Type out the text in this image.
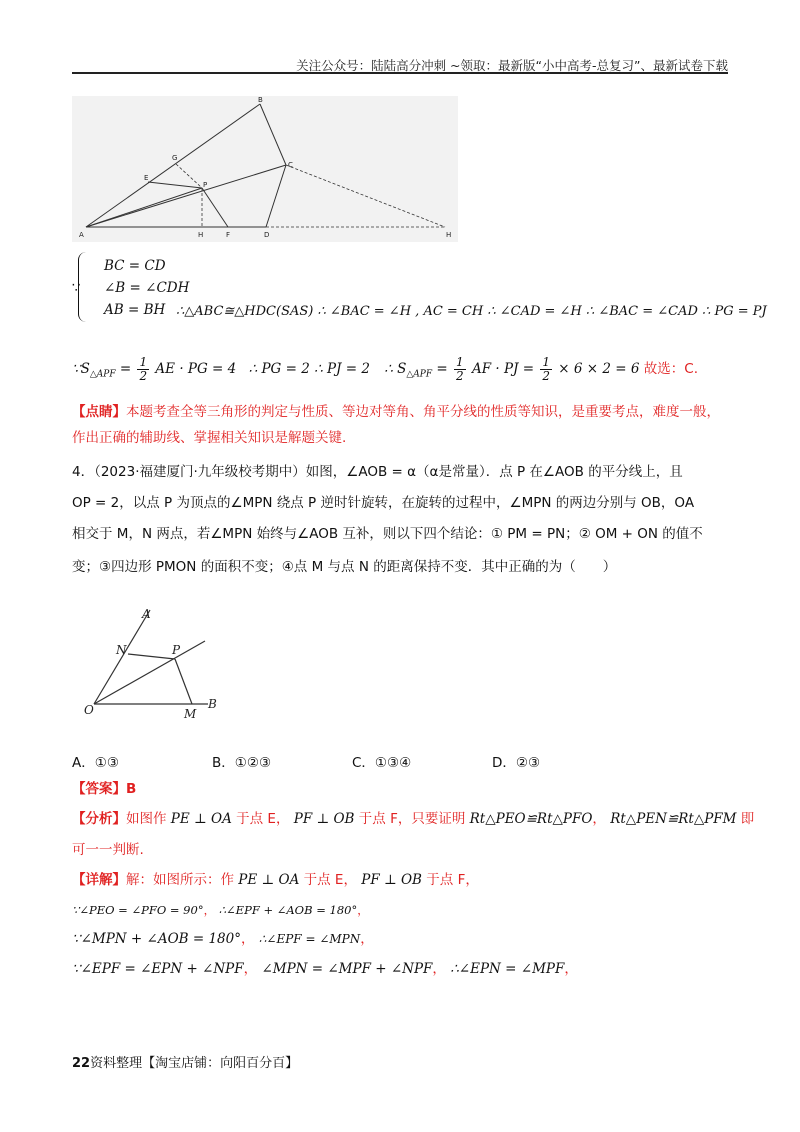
关注公众号：陆陆高分冲刺 ~领取：最新版“小中高考-总复习”、最新试卷下载
A
B
C
D
E
F
G
H	H
P
∵
BC = CD
∠B = ∠CDH
AB = BH ∴△ABC≅△HDC(SAS) ∴ ∠BAC = ∠H , AC = CH ∴ ∠CAD = ∠H ∴ ∠BAC = ∠CAD ∴ PG = PJ
$\because S_{\triangle APF} = \frac{1}{2}$ AE · PG = 4 ∴ PG = 2 ∴ PJ = 2 ∴ $S_{\triangle APF} = \frac{1}{2}$ AF · PJ = $\frac{1}{2} \times 6 \times 2 = 6$ 故选：C.
【点睛】本题考查全等三角形的判定与性质、等边对等角、角平分线的性质等知识，是重要考点，难度一般，作出正确的辅助线、掌握相关知识是解题关键.
4．（2023·福建厦门·九年级校考期中）如图，∠AOB = α（α是常量）．点 P 在∠AOB 的平分线上，且
OP = 2，以点 P 为顶点的∠MPN 绕点 P 逆时针旋转，在旋转的过程中，∠MPN 的两边分别与 OB，OA
相交于 M，N 两点，若∠MPN 始终与∠AOB 互补，则以下四个结论：① PM = PN；② OM + ON 的值不
变；③四边形 PMON 的面积不变；④点 M 与点 N 的距离保持不变．其中正确的为（　　）
A
N	P
O	M
B
A．①③	B．①②③	C．①③④	D．②③
【答案】B
【分析】如图作 PE ⊥ OA 于点 E， PF ⊥ OB 于点 F，只要证明 Rt△PEO≌Rt△PFO， Rt△PEN≌Rt△PFM 即
可一一判断.
【详解】解：如图所示：作 PE ⊥ OA 于点 E， PF ⊥ OB 于点 F，
∵∠PEO = ∠PFO = 90°， ∴∠EPF + ∠AOB = 180°，
∵∠MPN + ∠AOB = 180°， ∴∠EPF = ∠MPN，
∵∠EPF = ∠EPN + ∠NPF， ∠MPN = ∠MPF + ∠NPF， ∴∠EPN = ∠MPF，
22资料整理【淘宝店铺：向阳百分百】
